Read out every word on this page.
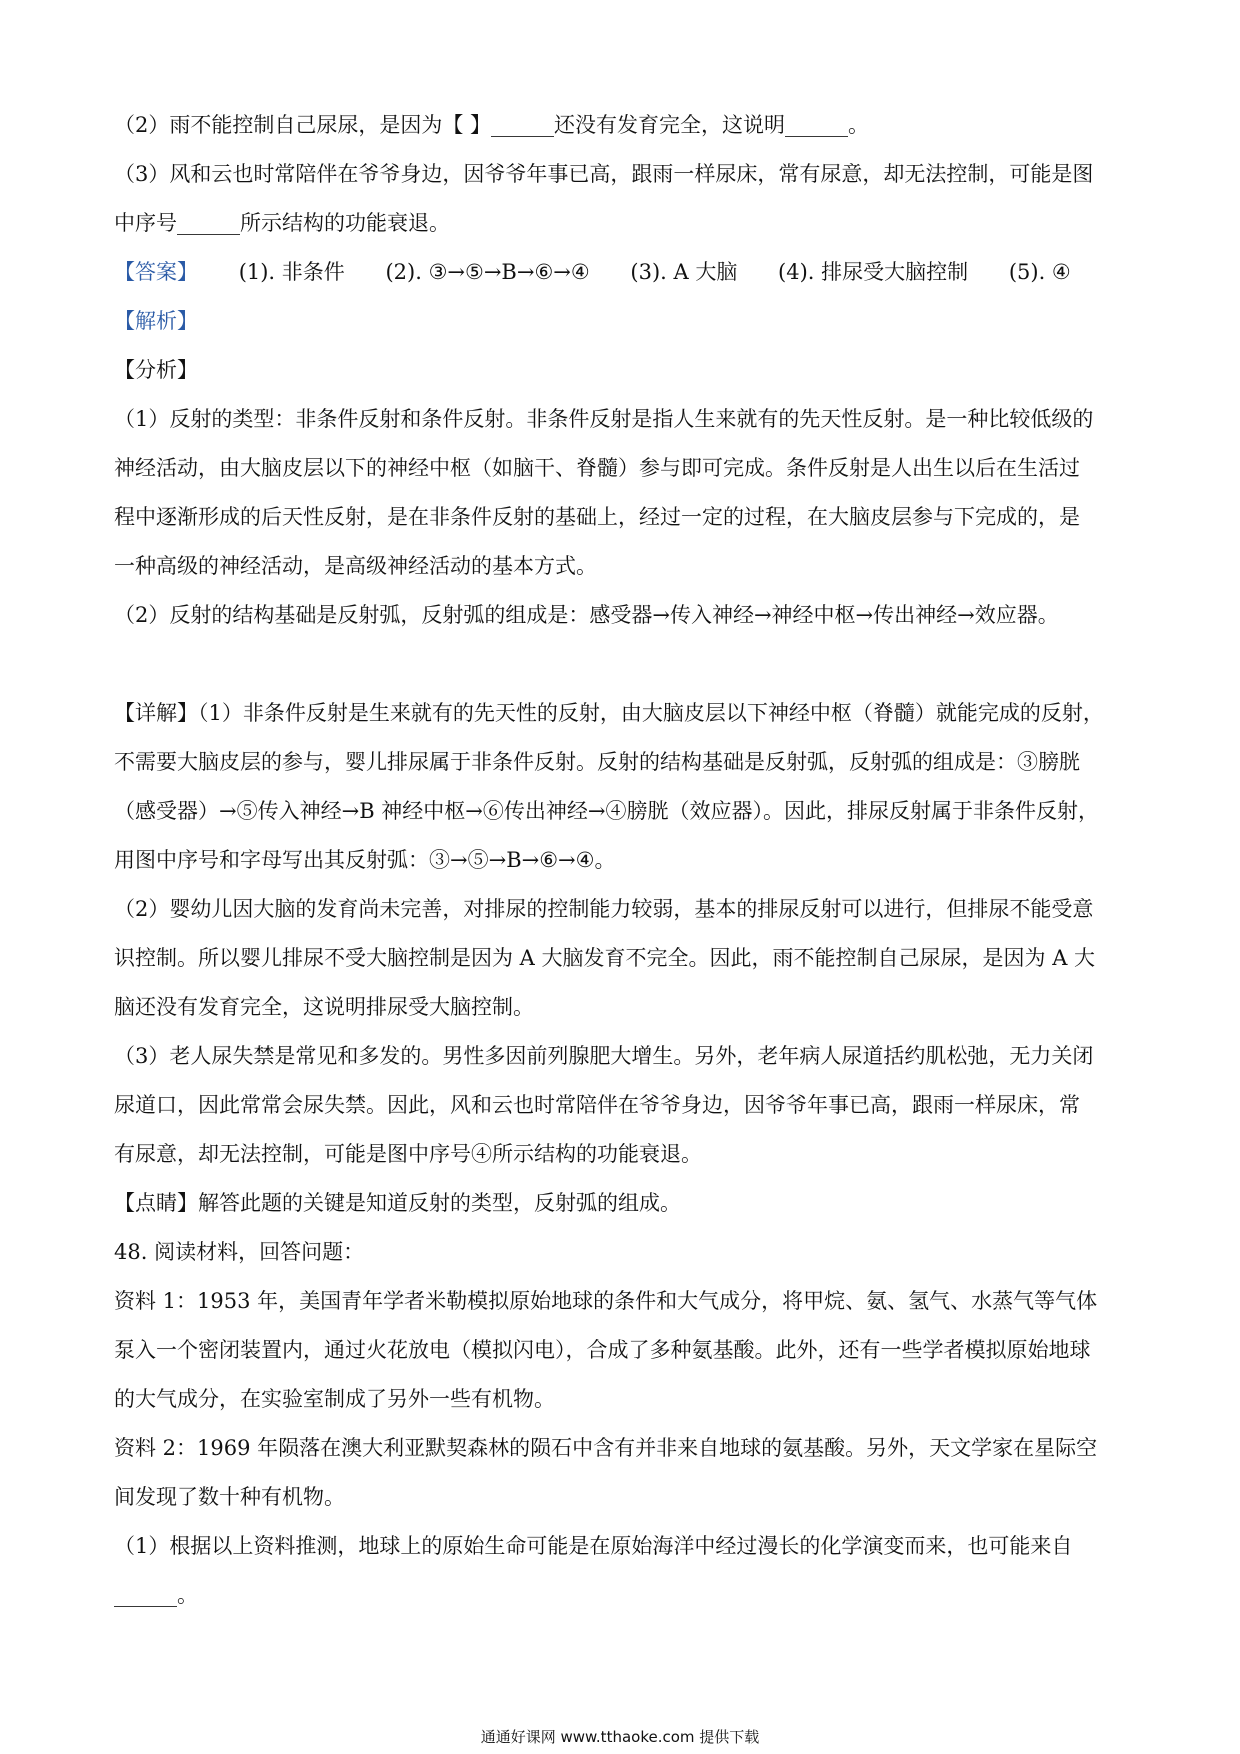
（2）雨不能控制自己尿尿，是因为【 】______还没有发育完全，这说明______。
（3）风和云也时常陪伴在爷爷身边，因爷爷年事已高，跟雨一样尿床，常有尿意，却无法控制，可能是图
中序号______所示结构的功能衰退。
【答案】 (1). 非条件 (2). ③→⑤→B→⑥→④ (3). A 大脑 (4). 排尿受大脑控制 (5). ④
【解析】
【分析】
（1）反射的类型：非条件反射和条件反射。非条件反射是指人生来就有的先天性反射。是一种比较低级的
神经活动，由大脑皮层以下的神经中枢（如脑干、脊髓）参与即可完成。条件反射是人出生以后在生活过
程中逐渐形成的后天性反射，是在非条件反射的基础上，经过一定的过程，在大脑皮层参与下完成的，是
一种高级的神经活动，是高级神经活动的基本方式。
（2）反射的结构基础是反射弧，反射弧的组成是：感受器→传入神经→神经中枢→传出神经→效应器。
【详解】（1）非条件反射是生来就有的先天性的反射，由大脑皮层以下神经中枢（脊髓）就能完成的反射，
不需要大脑皮层的参与，婴儿排尿属于非条件反射。反射的结构基础是反射弧，反射弧的组成是：③膀胱
（感受器）→⑤传入神经→B 神经中枢→⑥传出神经→④膀胱（效应器）。因此，排尿反射属于非条件反射，
用图中序号和字母写出其反射弧：③→⑤→B→⑥→④。
（2）婴幼儿因大脑的发育尚未完善，对排尿的控制能力较弱，基本的排尿反射可以进行，但排尿不能受意
识控制。所以婴儿排尿不受大脑控制是因为 A 大脑发育不完全。因此，雨不能控制自己尿尿，是因为 A 大
脑还没有发育完全，这说明排尿受大脑控制。
（3）老人尿失禁是常见和多发的。男性多因前列腺肥大增生。另外，老年病人尿道括约肌松弛，无力关闭
尿道口，因此常常会尿失禁。因此，风和云也时常陪伴在爷爷身边，因爷爷年事已高，跟雨一样尿床，常
有尿意，却无法控制，可能是图中序号④所示结构的功能衰退。
【点睛】解答此题的关键是知道反射的类型，反射弧的组成。
48. 阅读材料，回答问题：
资料 1：1953 年，美国青年学者米勒模拟原始地球的条件和大气成分，将甲烷、氨、氢气、水蒸气等气体
泵入一个密闭装置内，通过火花放电（模拟闪电），合成了多种氨基酸。此外，还有一些学者模拟原始地球
的大气成分，在实验室制成了另外一些有机物。
资料 2：1969 年陨落在澳大利亚默契森林的陨石中含有并非来自地球的氨基酸。另外，天文学家在星际空
间发现了数十种有机物。
（1）根据以上资料推测，地球上的原始生命可能是在原始海洋中经过漫长的化学演变而来，也可能来自
______。
通通好课网 www.tthaoke.com 提供下载
